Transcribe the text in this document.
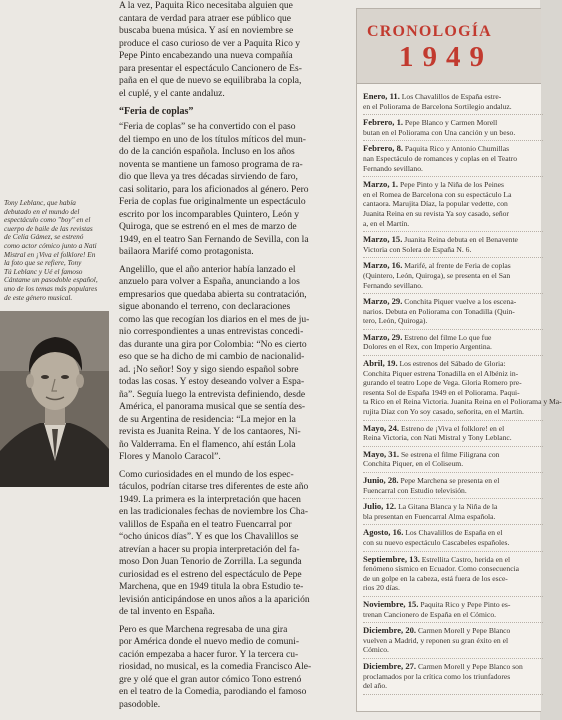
Tony Leblanc, que había
debutado en el mundo del
espectáculo como "boy" en el
cuerpo de baile de las revistas
de Celia Gámez, se estrenó
como actor cómico junto a Nati
Mistral en ¡Viva el folklore! En
la foto que se refiere, Tony
Tú Leblanc y Ué el famoso
Cántame un pasodoble español,
uno de los temas más populares
de este género musical.
A la vez, Paquita Rico necesitaba alguien que
cantara de verdad para atraer ese público que
buscaba buena música. Y así en noviembre se
produce el caso curioso de ver a Paquita Rico y
Pepe Pinto encabezando una nueva compañía
para presentar el espectáculo Cancionero de Es-
paña en el que de nuevo se equilibraba la copla,
el cuplé, y el cante andaluz.
“Feria de coplas”
“Feria de coplas” se ha convertido con el paso
del tiempo en uno de los títulos míticos del mun-
do de la canción española. Incluso en los años
noventa se mantiene un famoso programa de ra-
dio que lleva ya tres décadas sirviendo de faro,
casi solitario, para los aficionados al género. Pero
Feria de coplas fue originalmente un espectáculo
escrito por los incomparables Quintero, León y
Quiroga, que se estrenó en el mes de marzo de
1949, en el teatro San Fernando de Sevilla, con la
bailaora Marifé como protagonista.
Angelillo, que el año anterior había lanzado el
anzuelo para volver a España, anunciando a los
empresarios que quedaba abierta su contratación,
sigue abonando el terreno, con declaraciones
como las que recogían los diarios en el mes de ju-
nio correspondientes a unas entrevistas concedi-
das durante una gira por Colombia: “No es cierto
eso que se ha dicho de mi cambio de nacionalid-
ad. ¡No señor! Soy y sigo siendo español sobre
todas las cosas. Y estoy deseando volver a Espa-
ña”. Seguía luego la entrevista definiendo, desde
América, el panorama musical que se sentía des-
de su Argentina de residencia: “La mejor en la
revista es Juanita Reina. Y de los cantaores, Ni-
ño Valderrama. En el flamenco, ahí están Lola
Flores y Manolo Caracol”.
Como curiosidades en el mundo de los espec-
táculos, podrían citarse tres diferentes de este año
1949. La primera es la interpretación que hacen
en las tradicionales fechas de noviembre los Cha-
valillos de España en el teatro Fuencarral por
“ocho únicos días”. Y es que los Chavalillos se
atrevían a hacer su propia interpretación del fa-
moso Don Juan Tenorio de Zorrilla. La segunda
curiosidad es el estreno del espectáculo de Pepe
Marchena, que en 1949 titula la obra Estudio te-
levisión anticipándose en unos años a la aparición
de tal invento en España.
Pero es que Marchena regresaba de una gira
por América donde el nuevo medio de comuni-
cación empezaba a hacer furor. Y la tercera cu-
riosidad, no musical, es la comedia Francisco Ale-
gre y olé que el gran autor cómico Tono estrenó
en el teatro de la Comedia, parodiando el famoso
pasodoble.
CRONOLOGÍA
1949
Enero, 11. Los Chavalillos de España estre-
en el Poliorama de Barcelona Sortilegio andaluz.
Febrero, 1. Pepe Blanco y Carmen Morell
butan en el Poliorama con Una canción y un beso.
Febrero, 8. Paquita Rico y Antonio Chumillas
nan Espectáculo de romances y coplas en el Teatro
Fernando sevillano.
Marzo, 1. Pepe Pinto y la Niña de los Peines
en el Romea de Barcelona con su espectáculo La
cantaora. Marujita Díaz, la popular vedette, con
Juanita Reina en su revista Ya soy casado, señor
a, en el Martín.
Marzo, 15. Juanita Reina debuta en el Benavente
Victoria con Solera de España N. 6.
Marzo, 16. Marifé, al frente de Feria de coplas
(Quintero, León, Quiroga), se presenta en el San
Fernando sevillano.
Marzo, 29. Conchita Piquer vuelve a los escena-
narios. Debuta en Poliorama con Tonadilla (Quin-
tero, León, Quiroga).
Marzo, 29. Estreno del filme Lo que fue
Dolores en el Rex, con Imperio Argentina.
Abril, 19. Los estrenos del Sábado de Gloria:
Conchita Piquer estrena Tonadilla en el Albéniz in-
gurando el teatro Lope de Vega. Gloria Romero pre-
resenta Sol de España 1949 en el Poliorama. Paqui-
ta Rico en el Reina Victoria. Juanita Reina en el Poliorama y Ma-
rujita Díaz con Yo soy casado, señorita, en el Martín.
Mayo, 24. Estreno de ¡Viva el folklore! en el
Reina Victoria, con Nati Mistral y Tony Leblanc.
Mayo, 31. Se estrena el filme Filigrana con
Conchita Piquer, en el Coliseum.
Junio, 28. Pepe Marchena se presenta en el
Fuencarral con Estudio televisión.
Julio, 12. La Gitana Blanca y la Niña de la
bla presentan en Fuencarral Alma española.
Agosto, 16. Los Chavalillos de España en el
con su nuevo espectáculo Cascabeles españoles.
Septiembre, 13. Estrellita Castro, herida en el
fenómeno sísmico en Ecuador. Como consecuencia
de un golpe en la cabeza, está fuera de los esce-
rios 20 días.
Noviembre, 15. Paquita Rico y Pepe Pinto es-
trenan Cancionero de España en el Cómico.
Diciembre, 20. Carmen Morell y Pepe Blanco
vuelven a Madrid, y reponen su gran éxito en el
Cómico.
Diciembre, 27. Carmen Morell y Pepe Blanco son
proclamados por la crítica como los triunfadores
del año.
